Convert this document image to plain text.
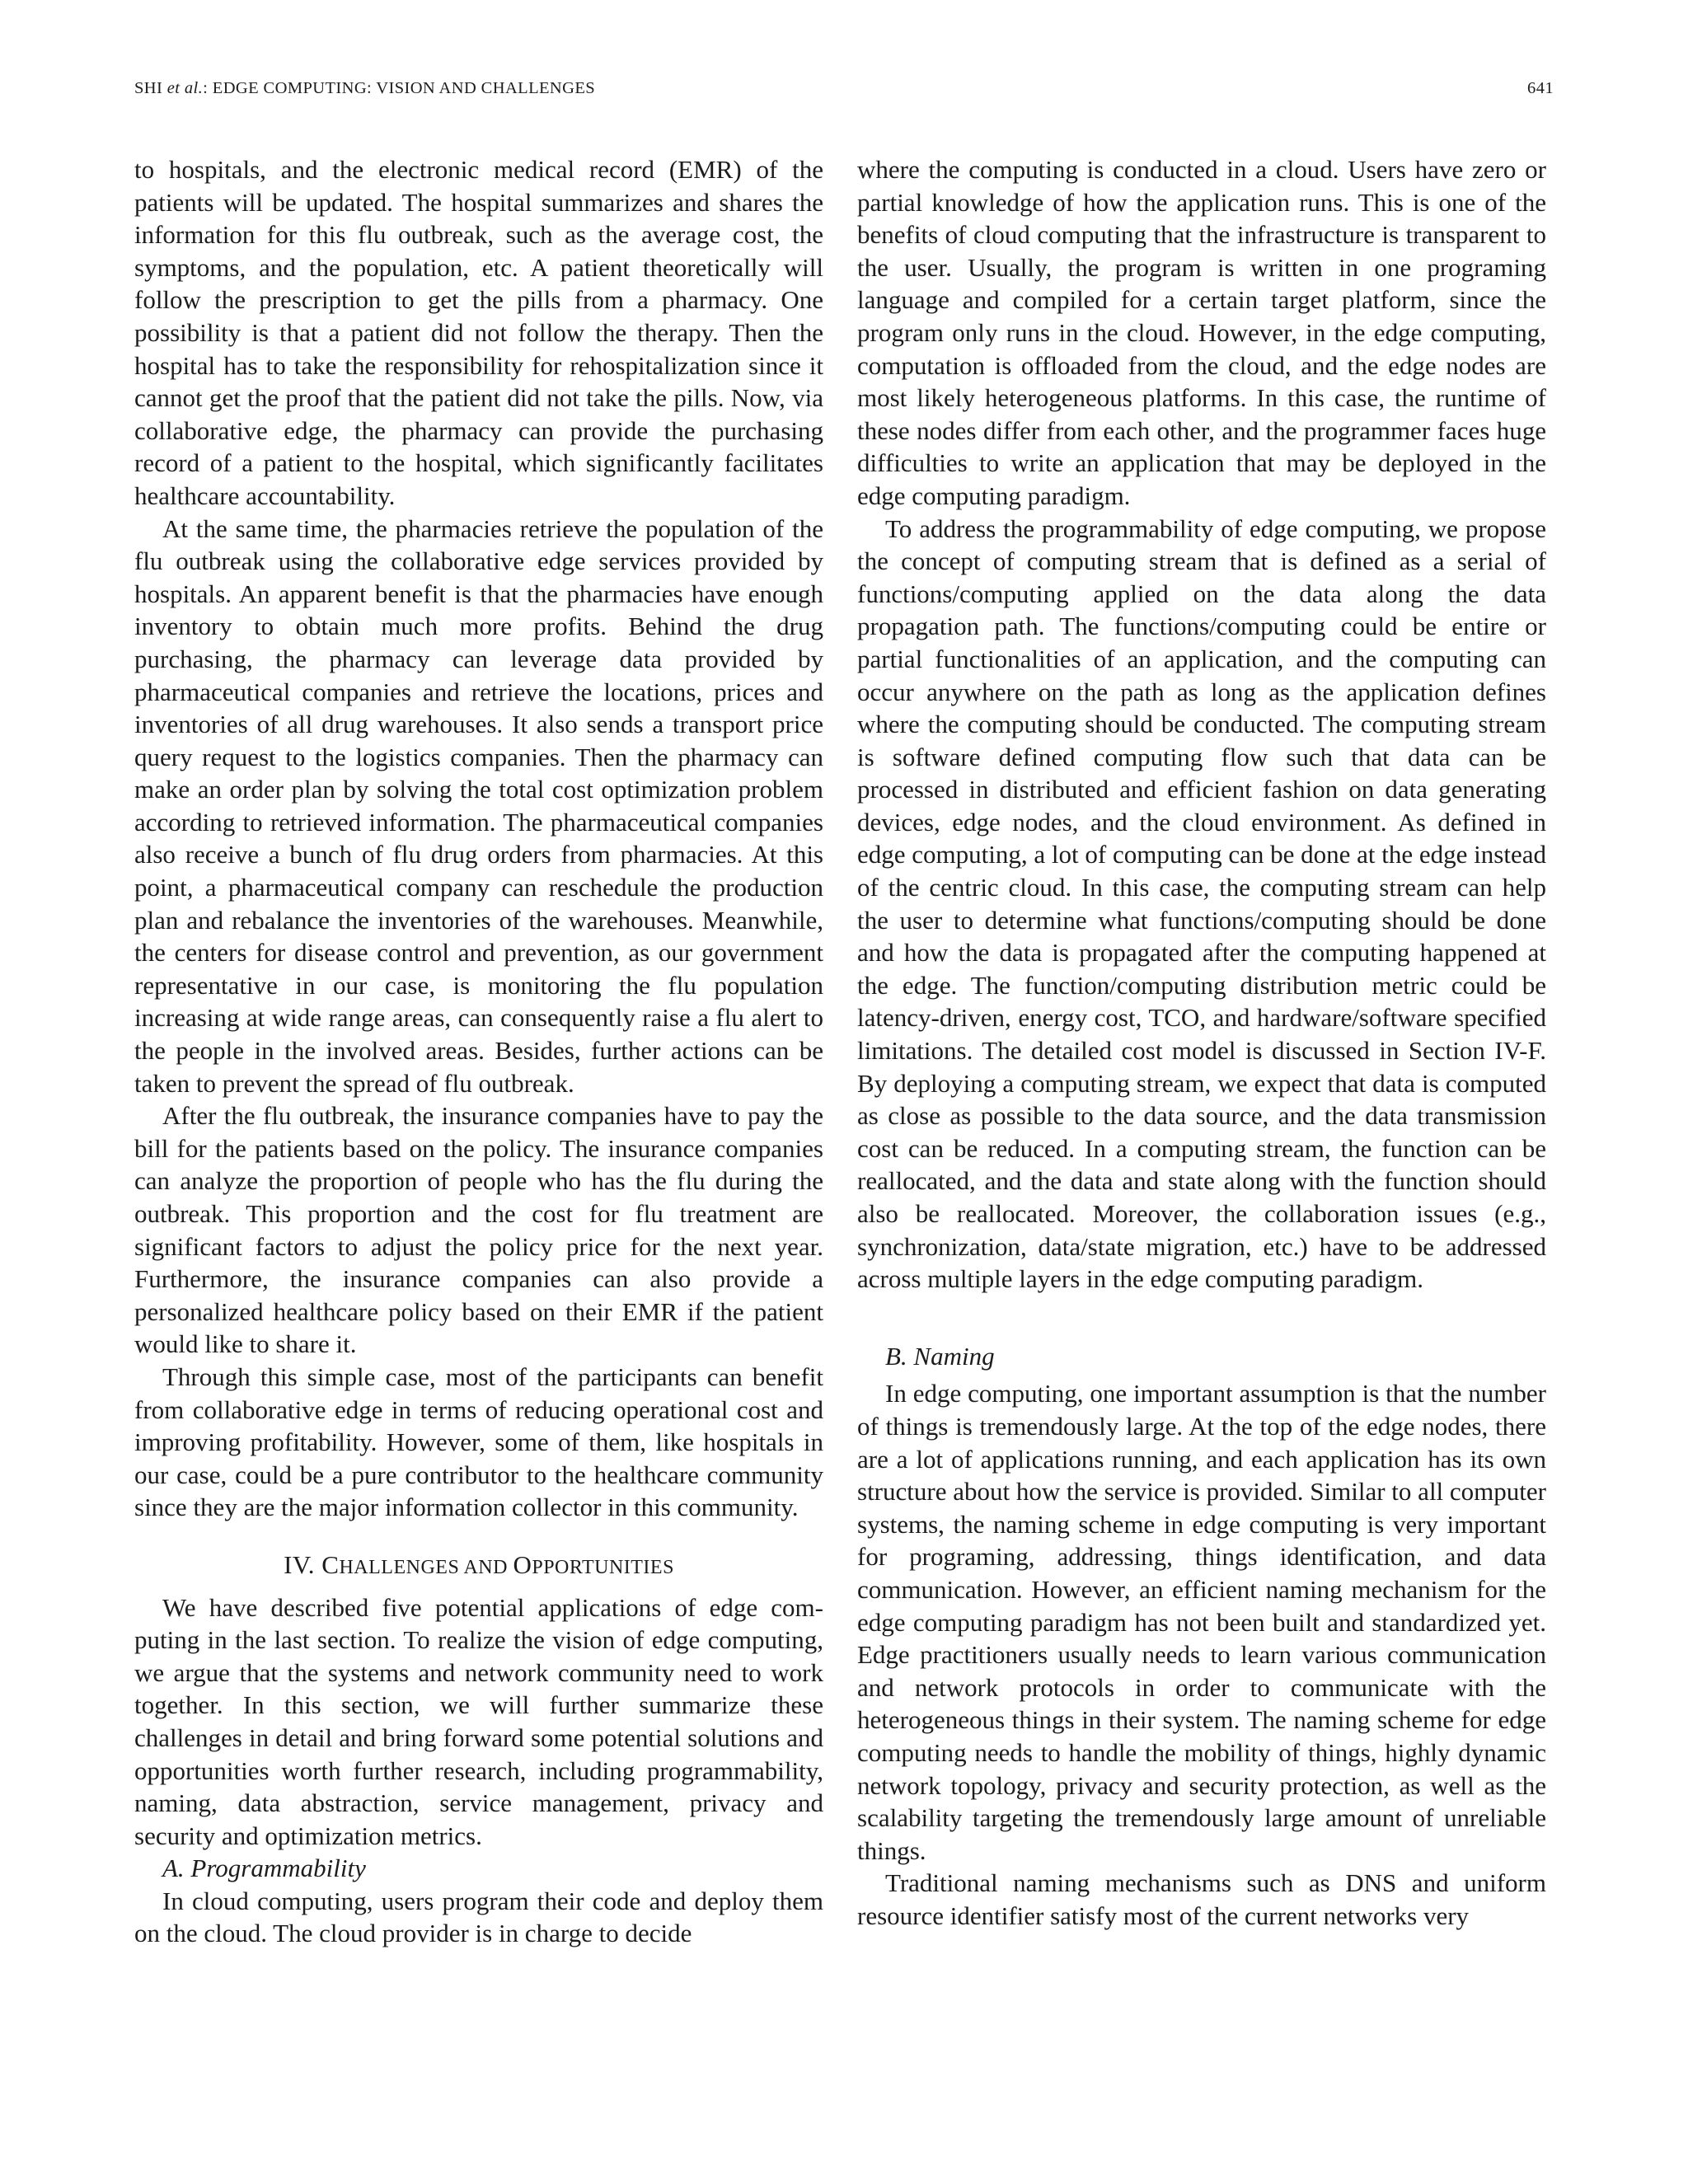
SHI et al.: EDGE COMPUTING: VISION AND CHALLENGES	641

to hospitals, and the electronic medical record (EMR) of the patients will be updated. The hospital summarizes and shares the information for this flu outbreak, such as the average cost, the symptoms, and the population, etc. A patient theoretically will follow the prescription to get the pills from a pharmacy. One possibility is that a patient did not follow the therapy. Then the hospital has to take the responsibility for rehospitalization since it cannot get the proof that the patient did not take the pills. Now, via collaborative edge, the pharmacy can provide the purchasing record of a patient to the hospital, which significantly facilitates healthcare accountability.

At the same time, the pharmacies retrieve the population of the flu outbreak using the collaborative edge services provided by hospitals. An apparent benefit is that the pharmacies have enough inventory to obtain much more profits. Behind the drug purchasing, the pharmacy can leverage data provided by pharmaceutical companies and retrieve the locations, prices and inventories of all drug warehouses. It also sends a transport price query request to the logistics companies. Then the pharmacy can make an order plan by solving the total cost optimization problem according to retrieved information. The pharmaceutical companies also receive a bunch of flu drug orders from pharmacies. At this point, a pharmaceutical company can reschedule the production plan and rebalance the inventories of the warehouses. Meanwhile, the centers for disease control and prevention, as our government representative in our case, is monitoring the flu population increasing at wide range areas, can consequently raise a flu alert to the people in the involved areas. Besides, further actions can be taken to prevent the spread of flu outbreak.

After the flu outbreak, the insurance companies have to pay the bill for the patients based on the policy. The insurance companies can analyze the proportion of people who has the flu during the outbreak. This proportion and the cost for flu treatment are significant factors to adjust the policy price for the next year. Furthermore, the insurance companies can also provide a personalized healthcare policy based on their EMR if the patient would like to share it.

Through this simple case, most of the participants can benefit from collaborative edge in terms of reducing operational cost and improving profitability. However, some of them, like hospitals in our case, could be a pure contributor to the healthcare community since they are the major information collector in this community.

IV. CHALLENGES AND OPPORTUNITIES

We have described five potential applications of edge computing in the last section. To realize the vision of edge computing, we argue that the systems and network community need to work together. In this section, we will further summarize these challenges in detail and bring forward some potential solutions and opportunities worth further research, including programmability, naming, data abstraction, service management, privacy and security and optimization metrics.

A. Programmability

In cloud computing, users program their code and deploy them on the cloud. The cloud provider is in charge to decide

where the computing is conducted in a cloud. Users have zero or partial knowledge of how the application runs. This is one of the benefits of cloud computing that the infrastructure is transparent to the user. Usually, the program is written in one programing language and compiled for a certain target platform, since the program only runs in the cloud. However, in the edge computing, computation is offloaded from the cloud, and the edge nodes are most likely heterogeneous platforms. In this case, the runtime of these nodes differ from each other, and the programmer faces huge difficulties to write an application that may be deployed in the edge computing paradigm.

To address the programmability of edge computing, we propose the concept of computing stream that is defined as a serial of functions/computing applied on the data along the data propagation path. The functions/computing could be entire or partial functionalities of an application, and the computing can occur anywhere on the path as long as the application defines where the computing should be conducted. The computing stream is software defined computing flow such that data can be processed in distributed and efficient fashion on data generating devices, edge nodes, and the cloud environment. As defined in edge computing, a lot of computing can be done at the edge instead of the centric cloud. In this case, the computing stream can help the user to determine what functions/computing should be done and how the data is propagated after the computing happened at the edge. The function/computing distribution metric could be latency-driven, energy cost, TCO, and hardware/software specified limitations. The detailed cost model is discussed in Section IV-F. By deploying a computing stream, we expect that data is computed as close as possible to the data source, and the data transmission cost can be reduced. In a computing stream, the function can be reallocated, and the data and state along with the function should also be reallocated. Moreover, the collaboration issues (e.g., synchronization, data/state migration, etc.) have to be addressed across multiple layers in the edge computing paradigm.

B. Naming

In edge computing, one important assumption is that the number of things is tremendously large. At the top of the edge nodes, there are a lot of applications running, and each application has its own structure about how the service is provided. Similar to all computer systems, the naming scheme in edge computing is very important for programing, addressing, things identification, and data communication. However, an efficient naming mechanism for the edge computing paradigm has not been built and standardized yet. Edge practitioners usually needs to learn various communication and network protocols in order to communicate with the heterogeneous things in their system. The naming scheme for edge computing needs to handle the mobility of things, highly dynamic network topology, privacy and security protection, as well as the scalability targeting the tremendously large amount of unreliable things.

Traditional naming mechanisms such as DNS and uniform resource identifier satisfy most of the current networks very
